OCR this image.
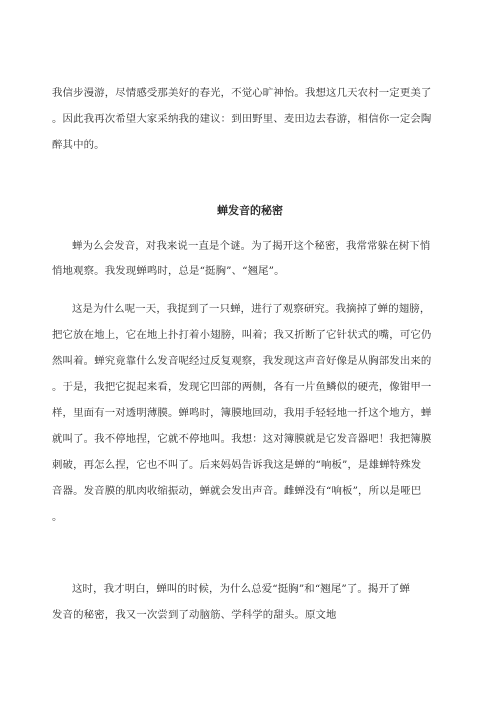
我信步漫游，尽情感受那美好的春光，不觉心旷神怡。我想这几天农村一定更美了
。因此我再次希望大家采纳我的建议：到田野里、麦田边去春游，相信你一定会陶
醉其中的。
蝉发音的秘密
蝉为么会发音，对我来说一直是个谜。为了揭开这个秘密，我常常躲在树下悄
悄地观察。我发现蝉鸣时，总是“挺胸”、“翘尾”。
这是为什么呢一天，我捉到了一只蝉，进行了观察研究。我摘掉了蝉的翅膀，
把它放在地上，它在地上扑打着小翅膀，叫着；我又折断了它针状式的嘴，可它仍
然叫着。蝉究竟靠什么发音呢经过反复观察，我发现这声音好像是从胸部发出来的
。于是，我把它捉起来看，发现它凹部的两侧，各有一片鱼鳞似的硬壳，像钳甲一
样，里面有一对透明薄膜。蝉鸣时，簿膜地回动，我用手轻轻地一扦这个地方，蝉
就叫了。我不停地捏，它就不停地叫。我想：这对簿膜就是它发音器吧！我把簿膜
刺破，再怎么捏，它也不叫了。后来妈妈告诉我这是蝉的“响板”，是雄蝉特殊发
音器。发音膜的肌肉收缩振动，蝉就会发出声音。雌蝉没有“响板”，所以是哑巴
。
这时，我才明白，蝉叫的时候，为什么总爱“挺胸”和“翘尾”了。揭开了蝉
发音的秘密，我又一次尝到了动脑筋、学科学的甜头。原文地
